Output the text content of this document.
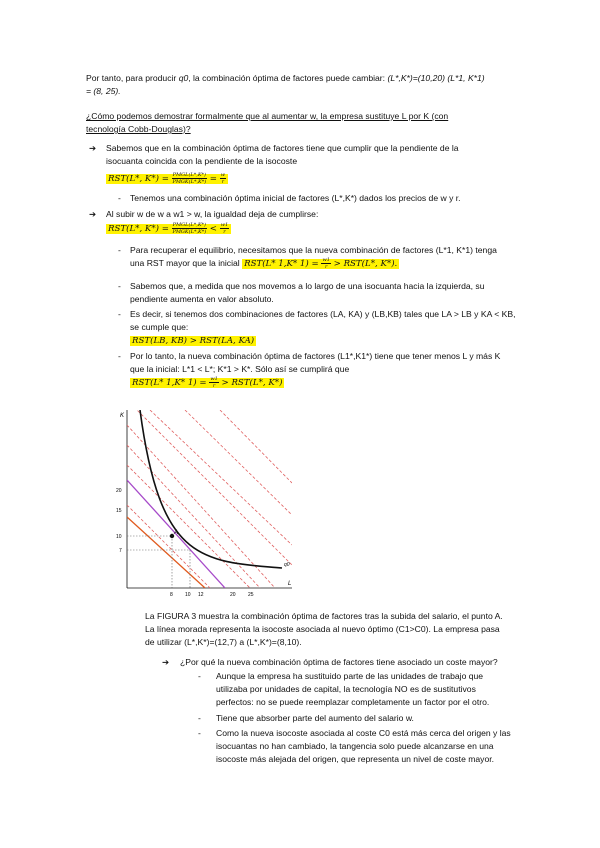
Por tanto, para producir q0, la combinación óptima de factores puede cambiar: (L*,K*)=(10,20) (L*1, K*1)
= (8, 25).
¿Cómo podemos demostrar formalmente que al aumentar w, la empresa sustituye L por K (con
tecnología Cobb-Douglas)?
➔ Sabemos que en la combinación óptima de factores tiene que cumplir que la pendiente de la
isocuanta coincida con la pendiente de la isocoste
RST(L*, $K*) = \frac{\text{PMGL(L*,K*)}}{\text{PMGK(L*,K*)}} = \frac{w}{r}$
- Tenemos una combinación óptima inicial de factores (L*,K*) dados los precios de w y r.
➔ Al subir w de w a w1 > w, la igualdad deja de cumplirse:
RST(L*, $K*) = \frac{\text{PMGL(L*,K*)}}{\text{PMGK(L*,K*)}} < \frac{w1}{r}$
- Para recuperar el equilibrio, necesitamos que la nueva combinación de factores (L*1, K*1) tenga
una RST mayor que la inicial RST(L* 1,K* $1) = \frac{w1}{r} > RST(L*$, K*).
- Sabemos que, a medida que nos movemos a lo largo de una isocuanta hacia la izquierda, su
pendiente aumenta en valor absoluto.
- Es decir, si tenemos dos combinaciones de factores (LA, KA) y (LB,KB) tales que LA > LB y KA < KB,
se cumple que:
RST(LB, KB) > RST(LA, KA)
- Por lo tanto, la nueva combinación óptima de factores (L1*,K1*) tiene que tener menos L y más K
que la inicial: L*1 < L*; K*1 > K*. Sólo así se cumplirá que
RST(L* 1,K* $1) = \frac{w1}{r} > RST(L*$, K*)
A
K
L
q0
20
15
10
7
8 10 12	20 25
La FIGURA 3 muestra la combinación óptima de factores tras la subida del salario, el punto A.
La línea morada representa la isocoste asociada al nuevo óptimo (C1>C0). La empresa pasa
de utilizar (L*,K*)=(12,7) a (L*,K*)=(8,10).
➔ ¿Por qué la nueva combinación óptima de factores tiene asociado un coste mayor?
- Aunque la empresa ha sustituido parte de las unidades de trabajo que
utilizaba por unidades de capital, la tecnología NO es de sustitutivos
perfectos: no se puede reemplazar completamente un factor por el otro.
- Tiene que absorber parte del aumento del salario w.
- Como la nueva isocoste asociada al coste C0 está más cerca del origen y las
isocuantas no han cambiado, la tangencia solo puede alcanzarse en una
isocoste más alejada del origen, que representa un nivel de coste mayor.
